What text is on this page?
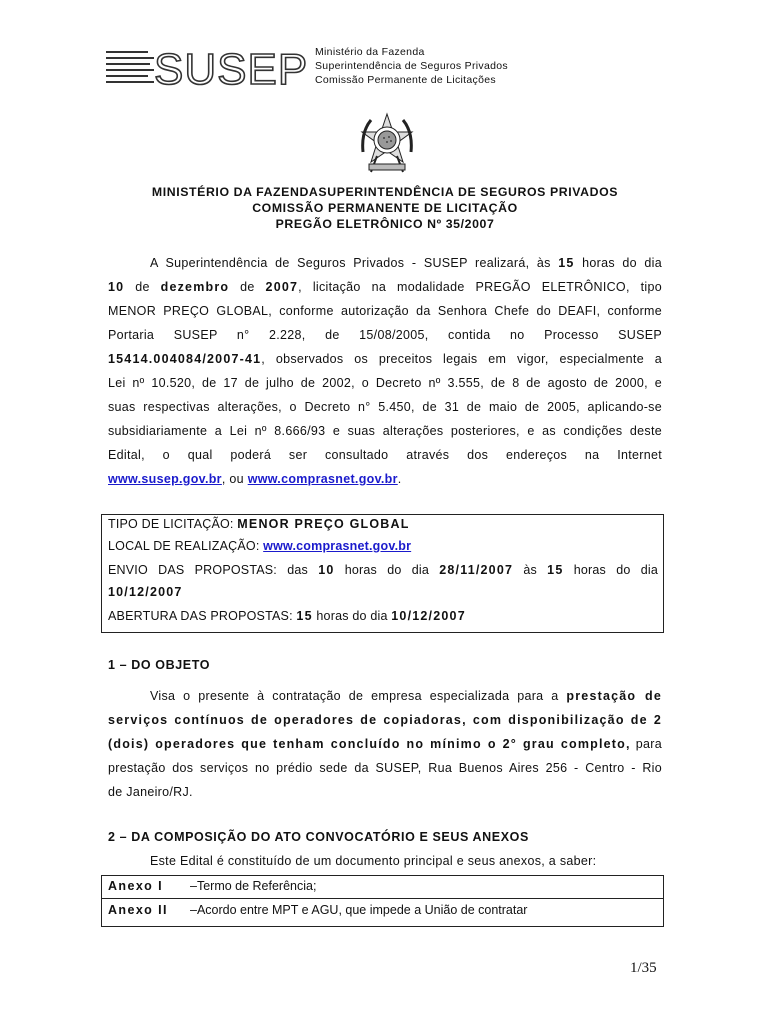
SUSEP Ministério da Fazenda
Superintendência de Seguros Privados
Comissão Permanente de Licitações
MINISTÉRIO DA FAZENDASUPERINTENDÊNCIA DE SEGUROS PRIVADOS
COMISSÃO PERMANENTE DE LICITAÇÃO
PREGÃO ELETRÔNICO Nº 35/2007
A Superintendência de Seguros Privados - SUSEP realizará, às 15 horas do dia
10 de dezembro de 2007, licitação na modalidade PREGÃO ELETRÔNICO, tipo
MENOR PREÇO GLOBAL, conforme autorização da Senhora Chefe do DEAFI, conforme
Portaria SUSEP n° 2.228, de 15/08/2005, contida no Processo SUSEP
15414.004084/2007-41, observados os preceitos legais em vigor, especialmente a
Lei nº 10.520, de 17 de julho de 2002, o Decreto nº 3.555, de 8 de agosto de 2000, e
suas respectivas alterações, o Decreto n° 5.450, de 31 de maio de 2005, aplicando-se
subsidiariamente a Lei nº 8.666/93 e suas alterações posteriores, e as condições deste
Edital, o qual poderá ser consultado através dos endereços na Internet
www.susep.gov.br, ou www.comprasnet.gov.br.
TIPO DE LICITAÇÃO: MENOR PREÇO GLOBAL
LOCAL DE REALIZAÇÃO: www.comprasnet.gov.br
ENVIO DAS PROPOSTAS: das 10 horas do dia 28/11/2007 às 15 horas do dia
10/12/2007
ABERTURA DAS PROPOSTAS: 15 horas do dia 10/12/2007
1 – DO OBJETO
Visa o presente à contratação de empresa especializada para a prestação de
serviços contínuos de operadores de copiadoras, com disponibilização de 2
(dois) operadores que tenham concluído no mínimo o 2° grau completo, para
prestação dos serviços no prédio sede da SUSEP, Rua Buenos Aires 256 - Centro - Rio
de Janeiro/RJ.
2 – DA COMPOSIÇÃO DO ATO CONVOCATÓRIO E SEUS ANEXOS
Este Edital é constituído de um documento principal e seus anexos, a saber:
Anexo I –Termo de Referência;
Anexo II –Acordo entre MPT e AGU, que impede a União de contratar
1/35
